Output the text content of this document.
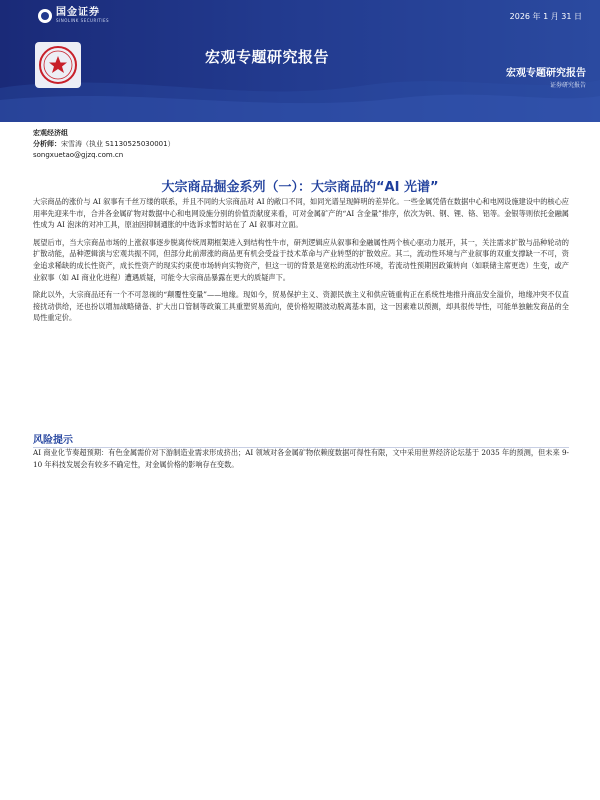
国金证券
SINOLINK SECURITIES	2026 年 1 月 31 日
宏观专题研究报告
宏观专题研究报告
证券研究报告
宏观经济组
分析师：宋雪涛（执业 S1130525030001）
songxuetao@gjzq.com.cn
大宗商品掘金系列（一）：大宗商品的“AI 光谱”

大宗商品的涨价与 AI 叙事有千丝万缕的联系，并且不同的大宗商品对 AI 的敞口不同，如同光谱呈现鲜明的差异化。一些金属凭借在数据中心和电网设施建设中的核心应用率先迎来牛市，合并各金属矿物对数据中心和电网设施分别的价值贡献度来看，可对金属矿产的“AI 含金量”排序，依次为钒、钢、锂、铬、铝等。金银等则依托金融属性成为 AI 泡沫的对冲工具，原油因抑制通胀的中选诉求暂时站在了 AI 叙事对立面。

展望后市，当大宗商品市场的上涨叙事逐步脱离传统周期框架进入到结构性牛市，研判逻辑应从叙事和金融属性两个核心驱动力展开，其一，关注需求扩散与品种轮动的扩散动能，品种逻辑演与宏观共振不同，但部分此前滞涨的商品更有机会受益于技术革命与产业转型的扩散效应。其二，流动性环境与产业叙事的双重支撑缺一不可，资金追求稀缺的成长性资产，成长性资产的现实约束使市场转向实物资产，但这一切的背景是宽松的流动性环境，若流动性预期因政策转向（如联储主席更迭）生变，或产业叙事（如 AI 商业化进程）遭遇质疑，可能令大宗商品暴露在更大的质疑声下。

除此以外，大宗商品还有一个不可忽视的“颠覆性变量”——地缘。现如今，贸易保护主义、资源民族主义和供应链重构正在系统性地推升商品安全溢价，地缘冲突不仅直接扰动供给，还也扮以增加战略储备、扩大出口管制等政策工具重塑贸易流向，使价格短期波动脱离基本面，这一因素难以预测，却具很传导性，可能单独触发商品的全局性重定价。

风险提示
AI 商业化节奏超预期：有色金属需价对下游制造业需求形成挤出；AI 领域对各金属矿物依赖度数据可得性有限，文中采用世界经济论坛基于 2035 年的预测，但未来 9-10 年科技发展会有较多不确定性，对金属价格的影响存在变数。
